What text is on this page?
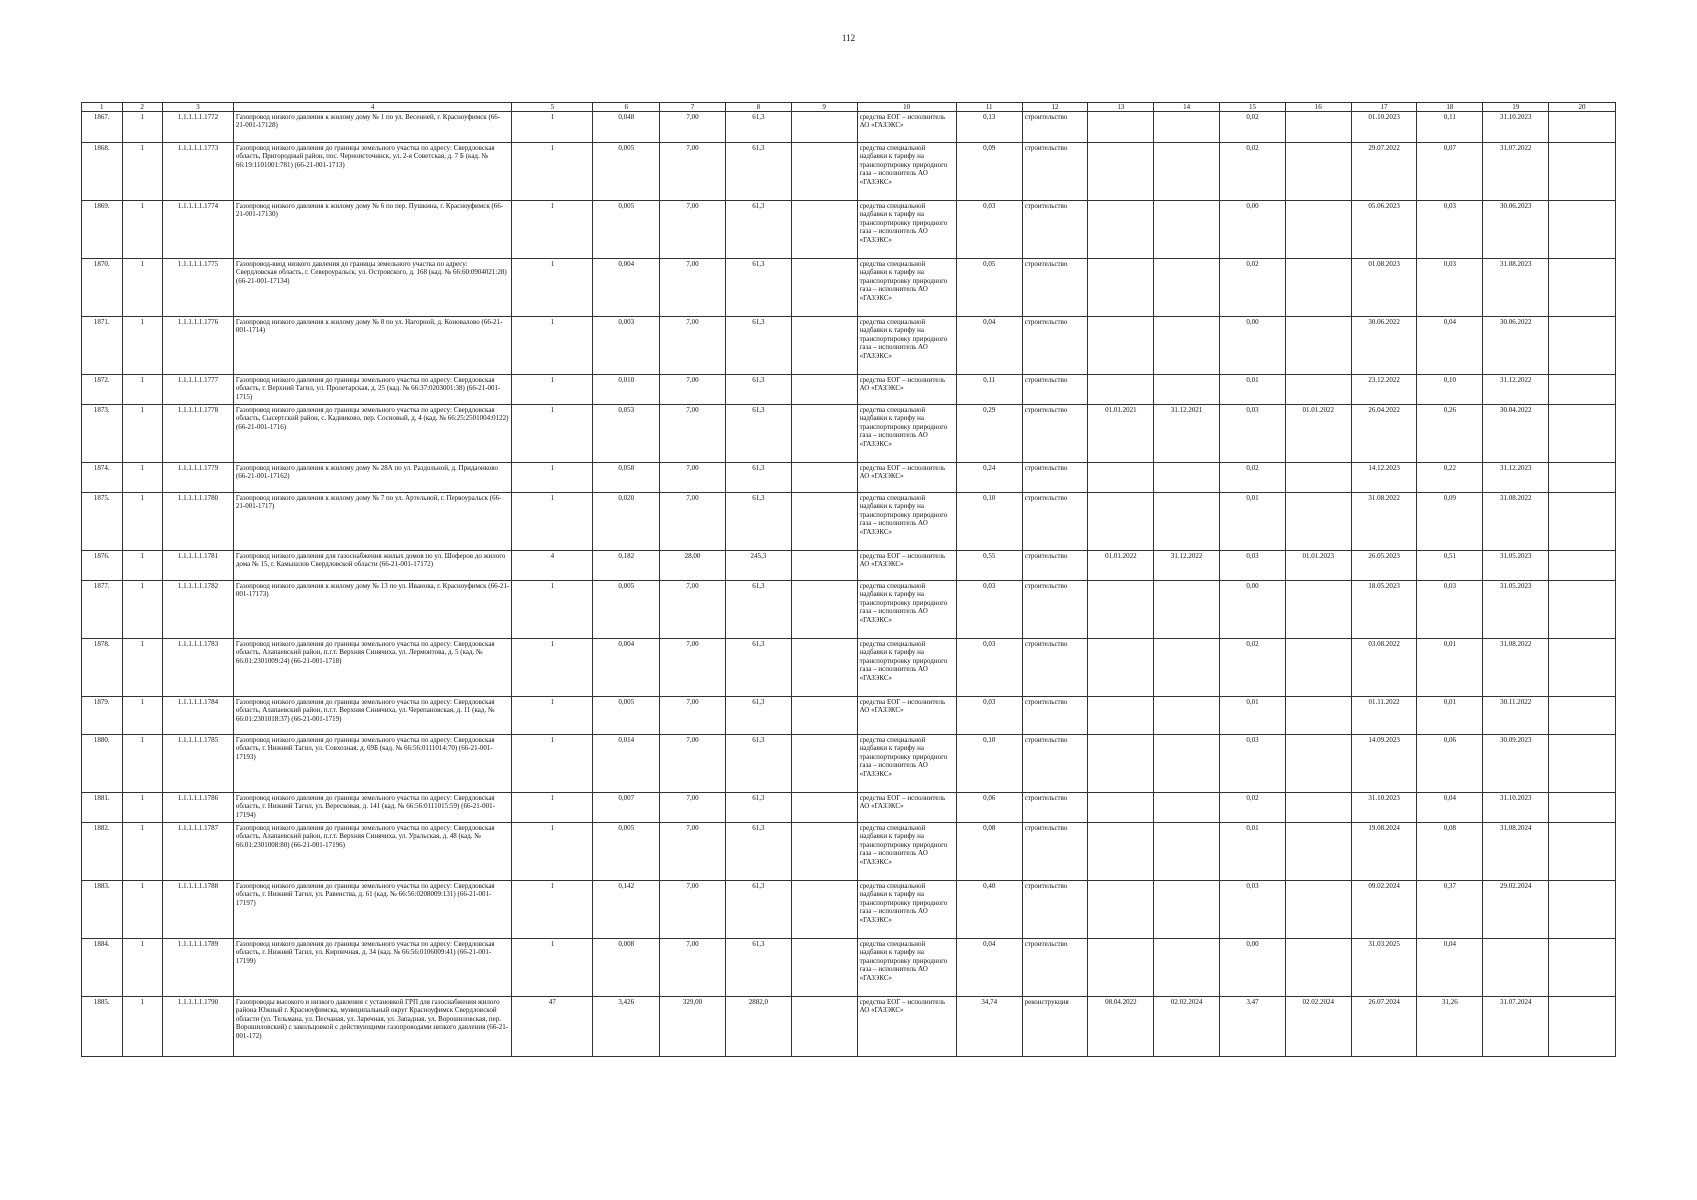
112
1	2	3	4	5	6	7	8	9	10	11	12	13	14	15	16	17	18	19	20
1867.	1	1.1.1.1.1.1772	Газопровод низкого давления к жилому дому № 1 по ул. Весенней, г. Красноуфимск (66-21-001-17128)	1	0,048	7,00	61,3		средства ЕОГ – исполнитель АО «ГАЗЭКС»	0,13	строительство			0,02		01.10.2023	0,11	31.10.2023	
1868.	1	1.1.1.1.1.1773	Газопровод низкого давления до границы земельного участка по адресу: Свердловская область, Пригородный район, пос. Черноисточинск, ул. 2-я Советская, д. 7 Б (кад. № 66:19:1101001:781) (66-21-001-1713)	1	0,005	7,00	61,3		средства специальной надбавки к тарифу на транспортировку природного газа – исполнитель АО «ГАЗЭКС»	0,09	строительство			0,02		29.07.2022	0,07	31.07.2022	
1869.	1	1.1.1.1.1.1774	Газопровод низкого давления к жилому дому № 6 по пер. Пушкина, г. Красноуфимск (66-21-001-17130)	1	0,005	7,00	61,3		средства специальной надбавки к тарифу на транспортировку природного газа – исполнитель АО «ГАЗЭКС»	0,03	строительство			0,00		05.06.2023	0,03	30.06.2023	
1870.	1	1.1.1.1.1.1775	Газопровод-ввод низкого давления до границы земельного участка по адресу: Свердловская область, г. Североуральск, ул. Островского, д. 168 (кад. № 66:60:0904021:28) (66-21-001-17134)	1	0,004	7,00	61,3		средства специальной надбавки к тарифу на транспортировку природного газа – исполнитель АО «ГАЗЭКС»	0,05	строительство			0,02		01.08.2023	0,03	31.08.2023	
1871.	1	1.1.1.1.1.1776	Газопровод низкого давления к жилому дому № 8 по ул. Нагорной, д. Коновалово (66-21-001-1714)	1	0,003	7,00	61,3		средства специальной надбавки к тарифу на транспортировку природного газа – исполнитель АО «ГАЗЭКС»	0,04	строительство			0,00		30.06.2022	0,04	30.06.2022	
1872.	1	1.1.1.1.1.1777	Газопровод низкого давления до границы земельного участка по адресу: Свердловская область, г. Верхний Тагил, ул. Пролетарская, д. 25 (кад. № 66:37:0203001:38) (66-21-001-1715)	1	0,010	7,00	61,3		средства ЕОГ – исполнитель АО «ГАЗЭКС»	0,11	строительство			0,01		23.12.2022	0,10	31.12.2022	
1873.	1	1.1.1.1.1.1778	Газопровод низкого давления до границы земельного участка по адресу: Свердловская область, Сысертский район, с. Кадниково, пер. Сосновый, д. 4 (кад. № 66:25:2501004:0122) (66-21-001-1716)	1	0,053	7,00	61,3		средства специальной надбавки к тарифу на транспортировку природного газа – исполнитель АО «ГАЗЭКС»	0,29	строительство	01.01.2021	31.12.2021	0,03	01.01.2022	26.04.2022	0,26	30.04.2022	
1874.	1	1.1.1.1.1.1779	Газопровод низкого давления к жилому дому № 28А по ул. Раздольной, д. Придаонково (66-21-001-17162)	1	0,058	7,00	61,3		средства ЕОГ – исполнитель АО «ГАЗЭКС»	0,24	строительство			0,02		14.12.2023	0,22	31.12.2023	
1875.	1	1.1.1.1.1.1780	Газопровод низкого давления к жилому дому № 7 по ул. Артельной, г. Первоуральск (66-21-001-1717)	1	0,020	7,00	61,3		средства специальной надбавки к тарифу на транспортировку природного газа – исполнитель АО «ГАЗЭКС»	0,10	строительство			0,01		31.08.2022	0,09	31.08.2022	
1876.	1	1.1.1.1.1.1781	Газопровод низкого давления для газоснабжения жилых домов по ул. Шоферов до жилого дома № 15, г. Камышлов Свердловской области (66-21-001-17172)	4	0,182	28,00	245,3		средства ЕОГ – исполнитель АО «ГАЗЭКС»	0,55	строительство	01.01.2022	31.12.2022	0,03	01.01.2023	26.05.2023	0,51	31.05.2023	
1877.	1	1.1.1.1.1.1782	Газопровод низкого давления к жилому дому № 13 по ул. Иванова, г. Красноуфимск (66-21-001-17173)	1	0,005	7,00	61,3		средства специальной надбавки к тарифу на транспортировку природного газа – исполнитель АО «ГАЗЭКС»	0,03	строительство			0,00		18.05.2023	0,03	31.05.2023	
1878.	1	1.1.1.1.1.1783	Газопровод низкого давления до границы земельного участка по адресу: Свердловская область, Алапаевский район, п.г.т. Верхняя Синячиха, ул. Лермонтова, д. 5 (кад. № 66:01:2301009:24) (66-21-001-1718)	1	0,004	7,00	61,3		средства специальной надбавки к тарифу на транспортировку природного газа – исполнитель АО «ГАЗЭКС»	0,03	строительство			0,02		03.08.2022	0,01	31.08.2022	
1879.	1	1.1.1.1.1.1784	Газопровод низкого давления до границы земельного участка по адресу: Свердловская область, Алапаевский район, п.г.т. Верхняя Синячиха, ул. Черепановская, д. 11 (кад. № 66:01:2301018:37) (66-21-001-1719)	1	0,005	7,00	61,3		средства ЕОГ – исполнитель АО «ГАЗЭКС»	0,03	строительство			0,01		01.11.2022	0,01	30.11.2022	
1880.	1	1.1.1.1.1.1785	Газопровод низкого давления до границы земельного участка по адресу: Свердловская область, г. Нижний Тагил, ул. Совхозная, д. 69Б (кад. № 66:56:0111014:70) (66-21-001-17193)	1	0,014	7,00	61,3		средства специальной надбавки к тарифу на транспортировку природного газа – исполнитель АО «ГАЗЭКС»	0,10	строительство			0,03		14.09.2023	0,06	30.09.2023	
1881.	1	1.1.1.1.1.1786	Газопровод низкого давления до границы земельного участка по адресу: Свердловская область, г. Нижний Тагил, ул. Вересковая, д. 141 (кад. № 66:56:0111015:59) (66-21-001-17194)	1	0,007	7,00	61,3		средства ЕОГ – исполнитель АО «ГАЗЭКС»	0,06	строительство			0,02		31.10.2023	0,04	31.10.2023	
1882.	1	1.1.1.1.1.1787	Газопровод низкого давления до границы земельного участка по адресу: Свердловская область, Алапаевский район, п.г.т. Верхняя Синячиха, ул. Уральская, д. 48 (кад. № 66:01:2301008:80) (66-21-001-17196)	1	0,005	7,00	61,3		средства специальной надбавки к тарифу на транспортировку природного газа – исполнитель АО «ГАЗЭКС»	0,08	строительство			0,01		19.08.2024	0,08	31.08.2024	
1883.	1	1.1.1.1.1.1788	Газопровод низкого давления до границы земельного участка по адресу: Свердловская область, г. Нижний Тагил, ул. Равенства, д. 61 (кад. № 66:56:0208009:131) (66-21-001-17197)	1	0,142	7,00	61,3		средства специальной надбавки к тарифу на транспортировку природного газа – исполнитель АО «ГАЗЭКС»	0,40	строительство			0,03		09.02.2024	0,37	29.02.2024	
1884.	1	1.1.1.1.1.1789	Газопровод низкого давления до границы земельного участка по адресу: Свердловская область, г. Нижний Тагил, ул. Кирпичная, д. 34 (кад. № 66:56:0106009:41) (66-21-001-17199)	1	0,008	7,00	61,3		средства специальной надбавки к тарифу на транспортировку природного газа – исполнитель АО «ГАЗЭКС»	0,04	строительство			0,00		31.03.2025	0,04		
1885.	1	1.1.1.1.1.1790	Газопроводы высокого и низкого давления с установкой ГРП для газоснабжения жилого района Южный г. Красноуфимска, муниципальный округ Красноуфимск Свердловской области (ул. Тельмана, ул. Песчаная, ул. Заречная, ул. Западная, ул. Ворошиловская, пер. Ворошиловский) с закольцовкой с действующими газопроводами низкого давления (66-21-001-172)	47	3,426	329,00	2882,0		средства ЕОГ – исполнитель АО «ГАЗЭКС»	34,74	реконструкция	08.04.2022	02.02.2024	3,47	02.02.2024	26.07.2024	31,26	31.07.2024	
